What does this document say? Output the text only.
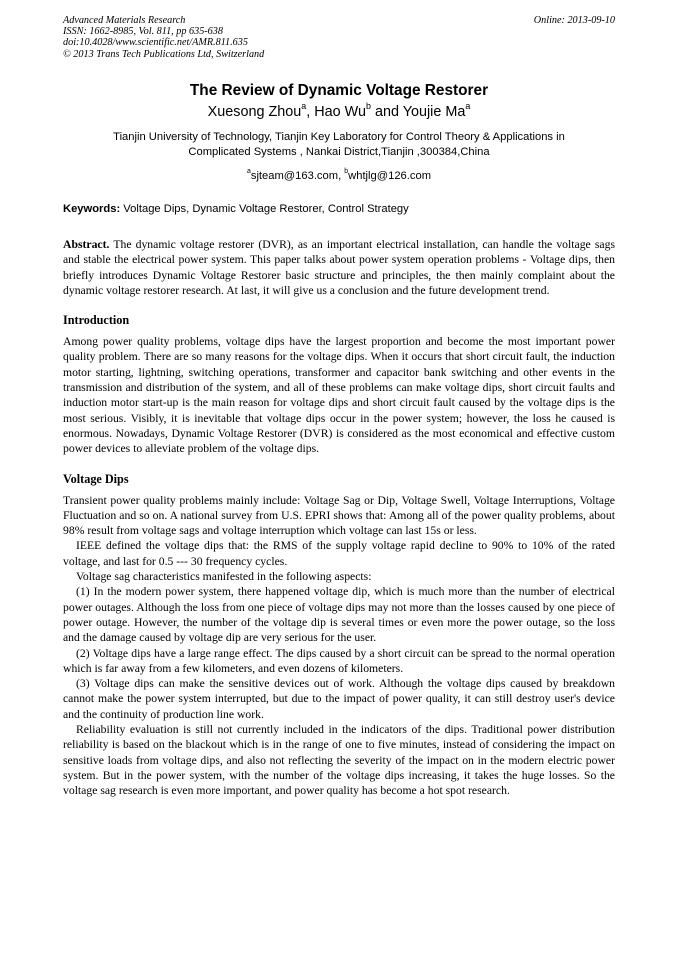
Advanced Materials Research
ISSN: 1662-8985, Vol. 811, pp 635-638
doi:10.4028/www.scientific.net/AMR.811.635
© 2013 Trans Tech Publications Ltd, Switzerland
Online: 2013-09-10
The Review of Dynamic Voltage Restorer
Xuesong Zhou$^a$, Hao Wu$^b$ and Youjie Ma$^a$
Tianjin University of Technology, Tianjin Key Laboratory for Control Theory & Applications in
Complicated Systems , Nankai District,Tianjin ,300384,China
$^a$sjteam@163.com, $^b$whtjlg@126.com
Keywords: Voltage Dips, Dynamic Voltage Restorer, Control Strategy

Abstract. The dynamic voltage restorer (DVR), as an important electrical installation, can handle the voltage sags and stable the electrical power system. This paper talks about power system operation problems - Voltage dips, then briefly introduces Dynamic Voltage Restorer basic structure and principles, the then mainly complaint about the dynamic voltage restorer research. At last, it will give us a conclusion and the future development trend.

Introduction

Among power quality problems, voltage dips have the largest proportion and become the most important power quality problem. There are so many reasons for the voltage dips. When it occurs that short circuit fault, the induction motor starting, lightning, switching operations, transformer and capacitor bank switching and other events in the transmission and distribution of the system, and all of these problems can make voltage dips, short circuit faults and induction motor start-up is the main reason for voltage dips and short circuit fault caused by the voltage dips is the most serious. Visibly, it is inevitable that voltage dips occur in the power system; however, the loss he caused is enormous. Nowadays, Dynamic Voltage Restorer (DVR) is considered as the most economical and effective custom power devices to alleviate problem of the voltage dips.

Voltage Dips

Transient power quality problems mainly include: Voltage Sag or Dip, Voltage Swell, Voltage Interruptions, Voltage Fluctuation and so on. A national survey from U.S. EPRI shows that: Among all of the power quality problems, about 98% result from voltage sags and voltage interruption which voltage can last 15s or less.

IEEE defined the voltage dips that: the RMS of the supply voltage rapid decline to 90% to 10% of the rated voltage, and last for 0.5 --- 30 frequency cycles.

Voltage sag characteristics manifested in the following aspects:

(1) In the modern power system, there happened voltage dip, which is much more than the number of electrical power outages. Although the loss from one piece of voltage dips may not more than the losses caused by one piece of power outage. However, the number of the voltage dip is several times or even more the power outage, so the loss and the damage caused by voltage dip are very serious for the user.

(2) Voltage dips have a large range effect. The dips caused by a short circuit can be spread to the normal operation which is far away from a few kilometers, and even dozens of kilometers.

(3) Voltage dips can make the sensitive devices out of work. Although the voltage dips caused by breakdown cannot make the power system interrupted, but due to the impact of power quality, it can still destroy user's device and the continuity of production line work.

Reliability evaluation is still not currently included in the indicators of the dips. Traditional power distribution reliability is based on the blackout which is in the range of one to five minutes, instead of considering the impact on sensitive loads from voltage dips, and also not reflecting the severity of the impact on in the modern electric power system. But in the power system, with the number of the voltage dips increasing, it takes the huge losses. So the voltage sag research is even more important, and power quality has become a hot spot research.
